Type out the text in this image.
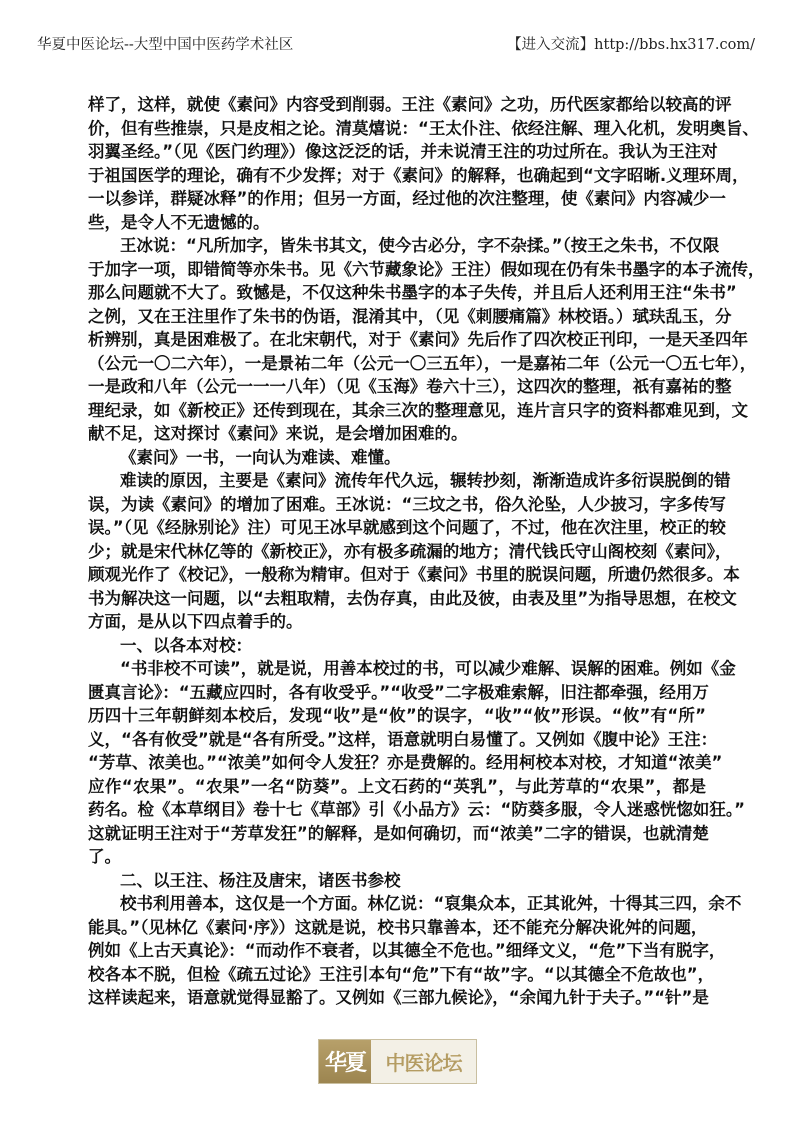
华夏中医论坛--大型中国中医药学术社区	【进入交流】http://bbs.hx317.com/
样了，这样，就使《素问》内容受到削弱。王注《素问》之功，历代医家都给以较高的评
价，但有些推崇，只是皮相之论。清莫熺说：“王太仆注、依经注解、理入化机，发明奥旨、
羽翼圣经。”（见《医门约理》）像这泛泛的话，并未说清王注的功过所在。我认为王注对
于祖国医学的理论，确有不少发挥；对于《素问》的解释，也确起到“文字昭晰.义理环周，
一以参详，群疑冰释”的作用；但另一方面，经过他的次注整理，使《素问》内容减少一
些，是令人不无遗憾的。
王冰说：“凡所加字，皆朱书其文，使今古必分，字不杂揉。”（按王之朱书，不仅限
于加字一项，即错简等亦朱书。见《六节藏象论》王注）假如现在仍有朱书墨字的本子流传，
那么问题就不大了。致憾是，不仅这种朱书墨字的本子失传，并且后人还利用王注“朱书”
之例，又在王注里作了朱书的伪语，混淆其中，（见《刺腰痛篇》林校语。）珷玞乱玉，分
析辨别，真是困难极了。在北宋朝代，对于《素问》先后作了四次校正刊印，一是天圣四年
（公元一〇二六年），一是景祐二年（公元一〇三五年），一是嘉祐二年（公元一〇五七年），
一是政和八年（公元一一一八年）（见《玉海》卷六十三），这四次的整理，祇有嘉祐的整
理纪录，如《新校正》还传到现在，其余三次的整理意见，连片言只字的资料都难见到，文
献不足，这对探讨《素问》来说，是会增加困难的。
《素问》一书，一向认为难读、难懂。
难读的原因，主要是《素问》流传年代久远，辗转抄刻，渐渐造成许多衍误脱倒的错
误，为读《素问》的增加了困难。王冰说：“三坟之书，俗久沦坠，人少披习，字多传写
误。”（见《经脉别论》注）可见王冰早就感到这个问题了，不过，他在次注里，校正的较
少；就是宋代林亿等的《新校正》，亦有极多疏漏的地方；清代钱氏守山阁校刻《素问》，
顾观光作了《校记》，一般称为精审。但对于《素问》书里的脱误问题，所遗仍然很多。本
书为解决这一问题，以“去粗取精，去伪存真，由此及彼，由表及里”为指导思想，在校文
方面，是从以下四点着手的。
一、以各本对校：
“书非校不可读”，就是说，用善本校过的书，可以减少难解、误解的困难。例如《金
匮真言论》：“五藏应四时，各有收受乎。”“收受”二字极难索解，旧注都牵强，经用万
历四十三年朝鲜刻本校后，发现“收”是“攸”的误字，“收”“攸”形误。“攸”有“所”
义，“各有攸受”就是“各有所受。”这样，语意就明白易懂了。又例如《腹中论》王注：
“芳草、浓美也。”“浓美”如何令人发狂？亦是费解的。经用柯校本对校，才知道“浓美”
应作“农果”。“农果”一名“防葵”。上文石药的“英乳”，与此芳草的“农果”，都是
药名。检《本草纲目》卷十七《草部》引《小品方》云：“防葵多服，令人迷惑恍惚如狂。”
这就证明王注对于“芳草发狂”的解释，是如何确切，而“浓美”二字的错误，也就清楚
了。
二、以王注、杨注及唐宋，诸医书参校
校书利用善本，这仅是一个方面。林亿说：“裒集众本，正其讹舛，十得其三四，余不
能具。”（见林亿《素问·序》）这就是说，校书只靠善本，还不能充分解决讹舛的问题，
例如《上古天真论》：“而动作不衰者，以其德全不危也。”细绎文义，“危”下当有脱字，
校各本不脱，但检《疏五过论》王注引本句“危”下有“故”字。“以其德全不危故也”，
这样读起来，语意就觉得显豁了。又例如《三部九候论》，“余闻九针于夫子。”“针”是
华夏	中医论坛
